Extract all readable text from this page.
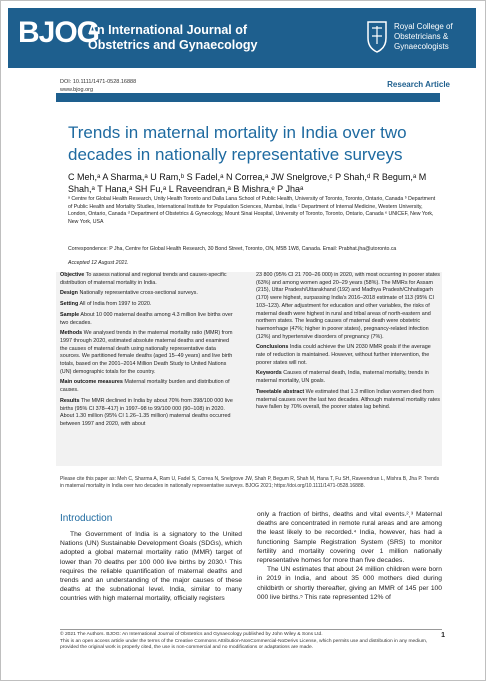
BJOG
An International Journal of
Obstetrics and Gynaecology
Royal College of
Obstetricians &
Gynaecologists
DOI: 10.1111/1471-0528.16888
www.bjog.org
Research Article
Trends in maternal mortality in India over two decades in nationally representative surveys
C Meh,ᵃ A Sharma,ᵃ U Ram,ᵇ S Fadel,ᵃ N Correa,ᵃ JW Snelgrove,ᶜ P Shah,ᵈ R Begum,ᵃ M Shah,ᵃ T Hana,ᵃ SH Fu,ᵃ L Raveendran,ᵃ B Mishra,ᵉ P Jhaᵃ
ᵃ Centre for Global Health Research, Unity Health Toronto and Dalla Lana School of Public Health, University of Toronto, Toronto, Ontario, Canada ᵇ Department of Public Health and Mortality Studies, International Institute for Population Sciences, Mumbai, India ᶜ Department of Internal Medicine, Western University, London, Ontario, Canada ᵈ Department of Obstetrics & Gynecology, Mount Sinai Hospital, University of Toronto, Toronto, Ontario, Canada ᵉ UNICEF, New York, New York, USA
Correspondence: P Jha, Centre for Global Health Research, 30 Bond Street, Toronto, ON, M5B 1W8, Canada. Email: Prabhat.jha@utoronto.ca
Accepted 12 August 2021.

Objective To assess national and regional trends and causes-specific distribution of maternal mortality in India.

Design Nationally representative cross-sectional surveys.

Setting All of India from 1997 to 2020.

Sample About 10 000 maternal deaths among 4.3 million live births over two decades.

Methods We analysed trends in the maternal mortality ratio (MMR) from 1997 through 2020, estimated absolute maternal deaths and examined the causes of maternal death using nationally representative data sources. We partitioned female deaths (aged 15–49 years) and live birth totals, based on the 2001–2014 Million Death Study to United Nations (UN) demographic totals for the country.

Main outcome measures Maternal mortality burden and distribution of causes.

Results The MMR declined in India by about 70% from 398/100 000 live births (95% CI 378–417) in 1997–98 to 99/100 000 (90–108) in 2020. About 1.30 million (95% CI 1.26–1.35 million) maternal deaths occurred between 1997 and 2020, with about

23 800 (95% CI 21 700–26 000) in 2020, with most occurring in poorer states (63%) and among women aged 20–29 years (58%). The MMRs for Assam (215), Uttar Pradesh/Uttarakhand (192) and Madhya Pradesh/Chhatisgarh (170) were highest, surpassing India's 2016–2018 estimate of 113 (95% CI 103–123). After adjustment for education and other variables, the risks of maternal death were highest in rural and tribal areas of north-eastern and northern states. The leading causes of maternal death were obstetric haemorrhage (47%; higher in poorer states), pregnancy-related infection (12%) and hypertensive disorders of pregnancy (7%).

Conclusions India could achieve the UN 2030 MMR goals if the average rate of reduction is maintained. However, without further intervention, the poorer states will not.

Keywords Causes of maternal death, India, maternal mortality, trends in maternal mortality, UN goals.

Tweetable abstract We estimated that 1.3 million Indian women died from maternal causes over the last two decades. Although maternal mortality rates have fallen by 70% overall, the poorer states lag behind.

Please cite this paper as: Meh C, Sharma A, Ram U, Fadel S, Correa N, Snelgrove JW, Shah P, Begum R, Shah M, Hana T, Fu SH, Raveendran L, Mishra B, Jha P. Trends in maternal mortality in India over two decades in nationally representative surveys. BJOG 2021; https://doi.org/10.1111/1471-0528.16888.
Introduction

The Government of India is a signatory to the United Nations (UN) Sustainable Development Goals (SDGs), which adopted a global maternal mortality ratio (MMR) target of lower than 70 deaths per 100 000 live births by 2030.¹ This requires the reliable quantification of maternal deaths and trends and an understanding of the major causes of these deaths at the subnational level. India, similar to many countries with high maternal mortality, officially registers

only a fraction of births, deaths and vital events.²ˎ³ Maternal deaths are concentrated in remote rural areas and are among the least likely to be recorded.⁴ India, however, has had a functioning Sample Registration System (SRS) to monitor fertility and mortality covering over 1 million nationally representative homes for more than five decades.

The UN estimates that about 24 million children were born in 2019 in India, and about 35 000 mothers died during childbirth or shortly thereafter, giving an MMR of 145 per 100 000 live births.⁵ This rate represented 12% of

© 2021 The Authors. BJOG: An International Journal of Obstetrics and Gynaecology published by John Wiley & Sons Ltd.
This is an open access article under the terms of the Creative Commons Attribution-NonCommercial-NoDerivs License, which permits use and distribution in any medium, provided the original work is properly cited, the use is non-commercial and no modifications or adaptations are made.
1
